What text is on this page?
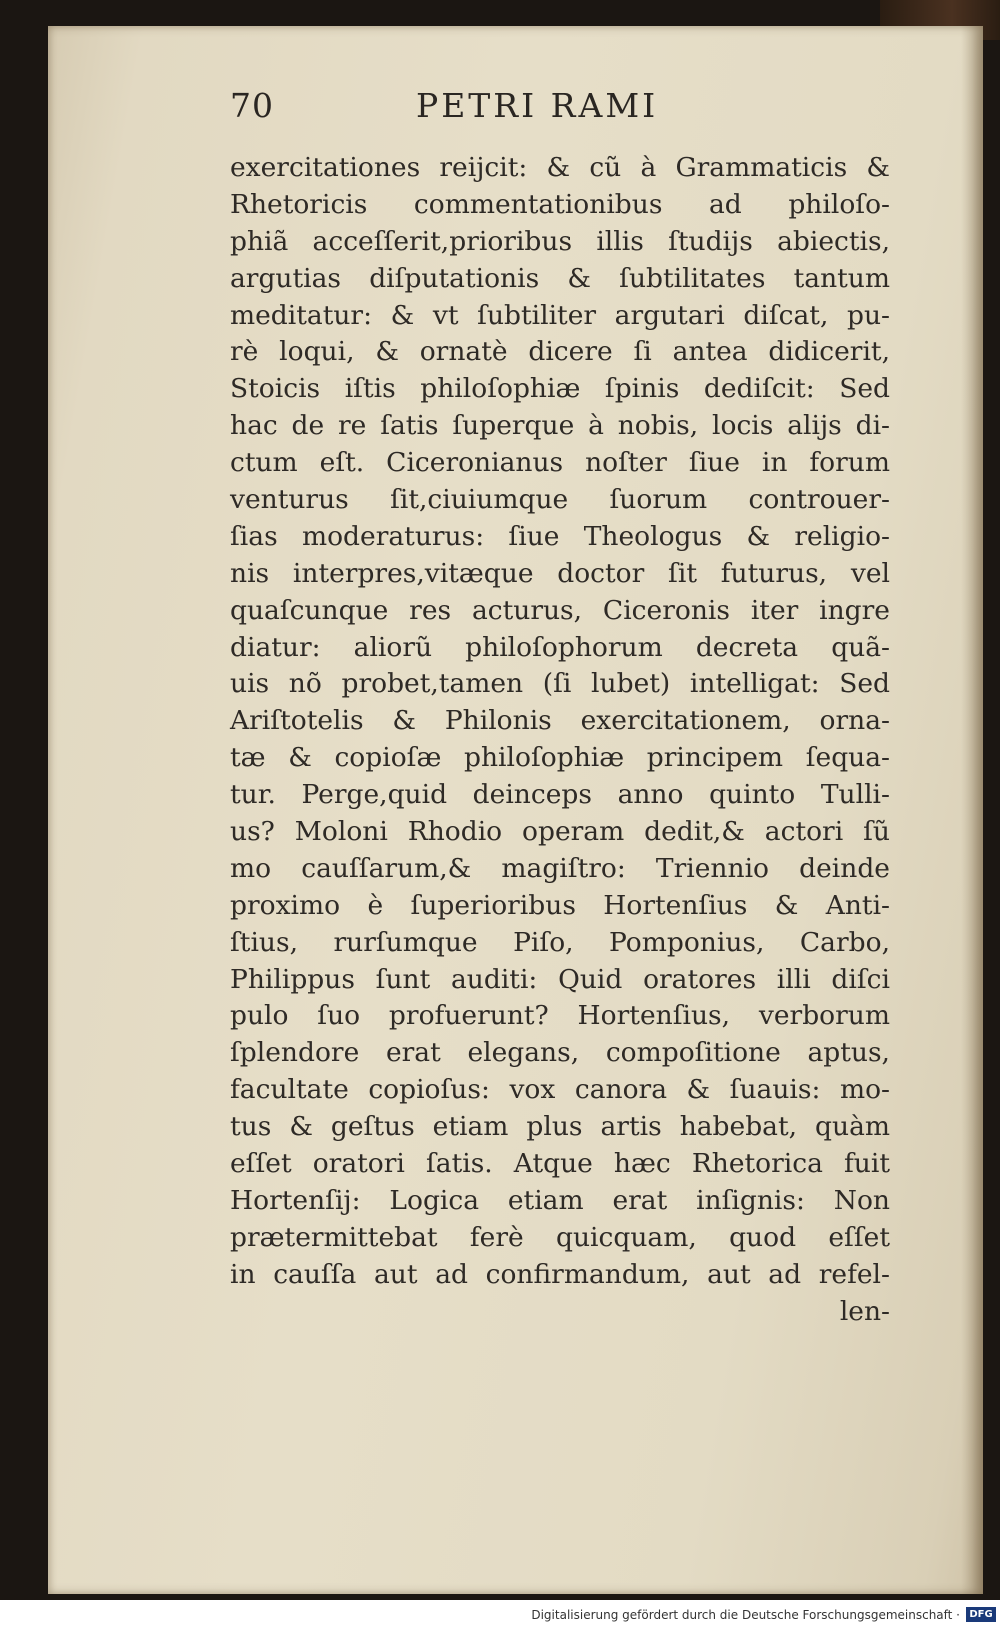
70	PETRI RAMI
exercitationes reijcit: & cũ à Grammaticis &
Rhetoricis commentationibus ad philoſo-
phiã acceſſerit,prioribus illis ſtudijs abiectis,
argutias diſputationis & ſubtilitates tantum
meditatur: & vt ſubtiliter argutari diſcat, pu-
rè loqui, & ornatè dicere ſi antea didicerit,
Stoicis iſtis philoſophiæ ſpinis dediſcit: Sed
hac de re ſatis ſuperque à nobis, locis alijs di-
ctum eſt. Ciceronianus noſter ſiue in forum
venturus ſit,ciuiumque ſuorum controuer-
ſias moderaturus: ſiue Theologus & religio-
nis interpres,vitæque doctor ſit futurus, vel
quaſcunque res acturus, Ciceronis iter ingre
diatur: aliorũ philoſophorum decreta quã-
uis nõ probet,tamen (ſi lubet) intelligat: Sed
Ariſtotelis & Philonis exercitationem, orna-
tæ & copioſæ philoſophiæ principem ſequa-
tur. Perge,quid deinceps anno quinto Tulli-
us? Moloni Rhodio operam dedit,& actori ſũ
mo cauſſarum,& magiſtro: Triennio deinde
proximo è ſuperioribus Hortenſius & Anti-
ſtius, rurſumque Piſo, Pomponius, Carbo,
Philippus ſunt auditi: Quid oratores illi diſci
pulo ſuo profuerunt? Hortenſius, verborum
ſplendore erat elegans, compoſitione aptus,
facultate copioſus: vox canora & ſuauis: mo-
tus & geſtus etiam plus artis habebat, quàm
eſſet oratori ſatis. Atque hæc Rhetorica fuit
Hortenſij: Logica etiam erat inſignis: Non
prætermittebat ferè quicquam, quod eſſet
in cauſſa aut ad confirmandum, aut ad refel-
len-
Digitalisierung gefördert durch die Deutsche Forschungsgemeinschaft · DFG
